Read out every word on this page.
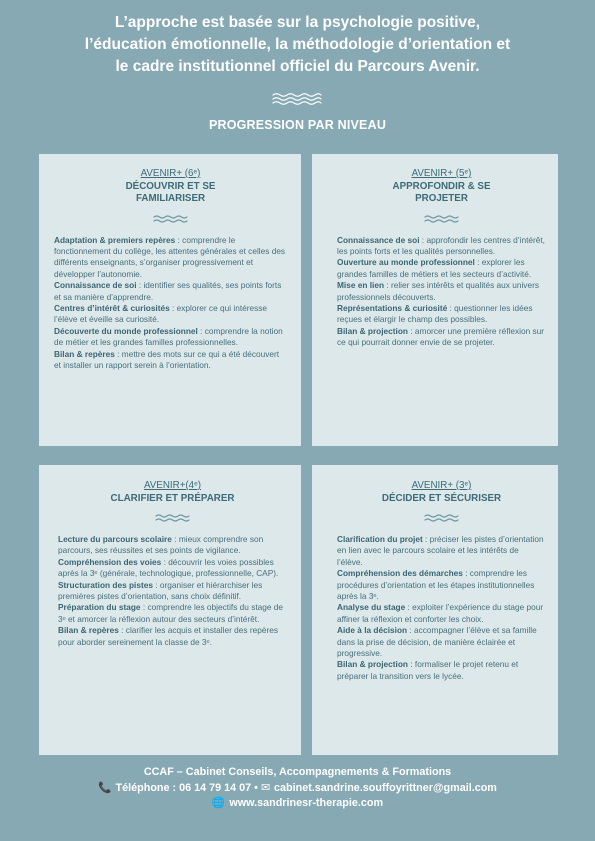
L’approche est basée sur la psychologie positive,
l’éducation émotionnelle, la méthodologie d’orientation et
le cadre institutionnel officiel du Parcours Avenir.
PROGRESSION PAR NIVEAU
AVENIR+ (6ᵉ)
DÉCOUVRIR ET SE
FAMILIARISER

Adaptation & premiers repères : comprendre le fonctionnement du collège, les attentes générales et celles des différents enseignants, s’organiser progressivement et développer l’autonomie.

Connaissance de soi : identifier ses qualités, ses points forts et sa manière d’apprendre.

Centres d’intérêt & curiosités : explorer ce qui intéresse l’élève et éveille sa curiosité.

Découverte du monde professionnel : comprendre la notion de métier et les grandes familles professionnelles.

Bilan & repères : mettre des mots sur ce qui a été découvert et installer un rapport serein à l’orientation.

AVENIR+ (5ᵉ)
APPROFONDIR & SE
PROJETER

Connaissance de soi : approfondir les centres d’intérêt, les points forts et les qualités personnelles.

Ouverture au monde professionnel : explorer les grandes familles de métiers et les secteurs d’activité.

Mise en lien : relier ses intérêts et qualités aux univers professionnels découverts.

Représentations & curiosité : questionner les idées reçues et élargir le champ des possibles.

Bilan & projection : amorcer une première réflexion sur ce qui pourrait donner envie de se projeter.

AVENIR+(4ᵉ)
CLARIFIER ET PRÉPARER

Lecture du parcours scolaire : mieux comprendre son parcours, ses réussites et ses points de vigilance.

Compréhension des voies : découvrir les voies possibles après la 3ᵉ (générale, technologique, professionnelle, CAP).

Structuration des pistes : organiser et hiérarchiser les premières pistes d’orientation, sans choix définitif.

Préparation du stage : comprendre les objectifs du stage de 3ᵉ et amorcer la réflexion autour des secteurs d’intérêt.

Bilan & repères : clarifier les acquis et installer des repères pour aborder sereinement la classe de 3ᵉ.

AVENIR+ (3ᵉ)
DÉCIDER ET SÉCURISER

Clarification du projet : préciser les pistes d’orientation en lien avec le parcours scolaire et les intérêts de l’élève.

Compréhension des démarches : comprendre les procédures d’orientation et les étapes institutionnelles après la 3ᵉ.

Analyse du stage : exploiter l’expérience du stage pour affiner la réflexion et conforter les choix.

Aide à la décision : accompagner l’élève et sa famille dans la prise de décision, de manière éclairée et progressive.

Bilan & projection : formaliser le projet retenu et préparer la transition vers le lycée.

CCAF – Cabinet Conseils, Accompagnements & Formations
📞 Téléphone : 06 14 79 14 07 • ✉ cabinet.sandrine.souffoyrittner@gmail.com
🌐 www.sandrinesr-therapie.com
